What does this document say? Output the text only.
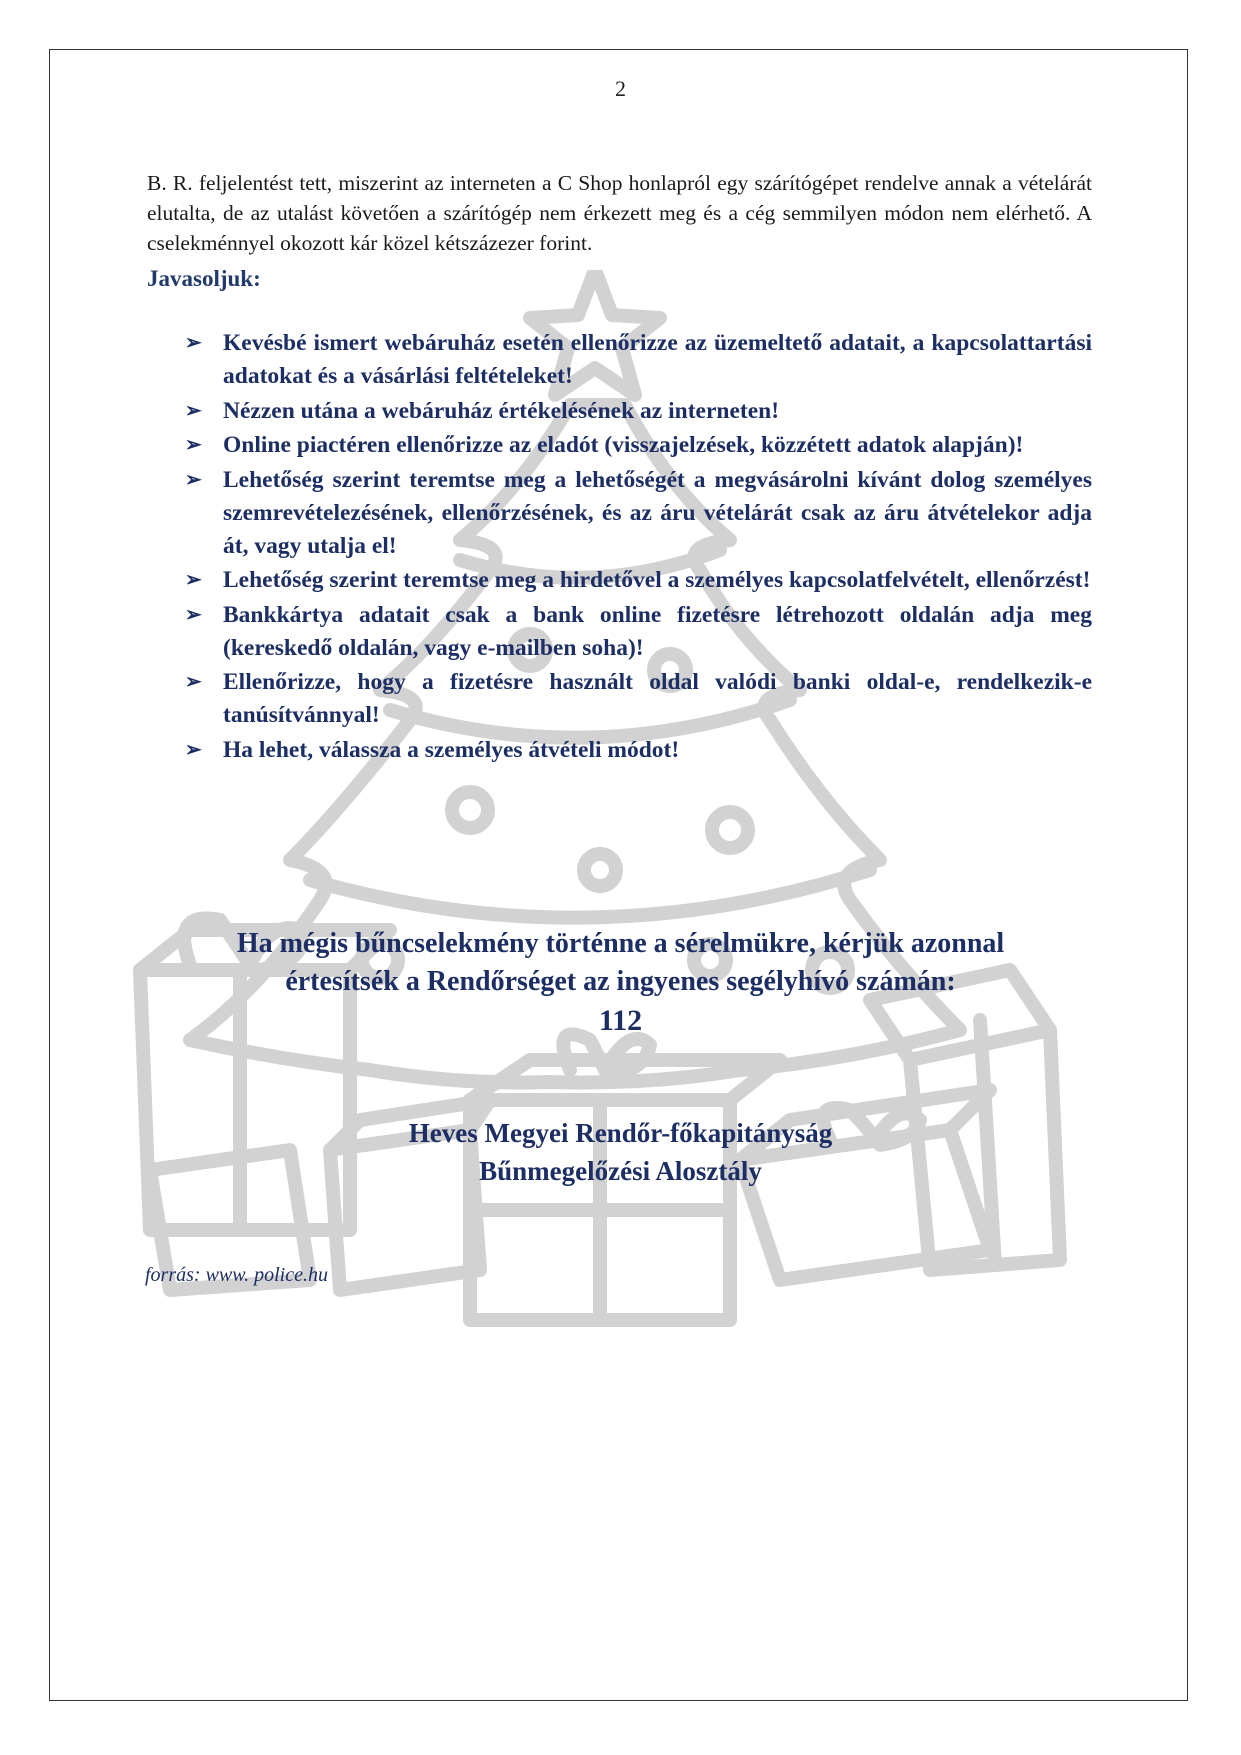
2

B. R. feljelentést tett, miszerint az interneten a C Shop honlapról egy szárítógépet rendelve annak a vételárát elutalta, de az utalást követően a szárítógép nem érkezett meg és a cég semmilyen módon nem elérhető. A cselekménnyel okozott kár közel kétszázezer forint.

Javasoljuk:
➢ Kevésbé ismert webáruház esetén ellenőrizze az üzemeltető adatait, a kapcsolattartási adatokat és a vásárlási feltételeket!
➢ Nézzen utána a webáruház értékelésének az interneten!
➢ Online piactéren ellenőrizze az eladót (visszajelzések, közzétett adatok alapján)!
➢ Lehetőség szerint teremtse meg a lehetőségét a megvásárolni kívánt dolog személyes szemrevételezésének, ellenőrzésének, és az áru vételárát csak az áru átvételekor adja át, vagy utalja el!
➢ Lehetőség szerint teremtse meg a hirdetővel a személyes kapcsolatfelvételt, ellenőrzést!
➢ Bankkártya adatait csak a bank online fizetésre létrehozott oldalán adja meg (kereskedő oldalán, vagy e-mailben soha)!
➢ Ellenőrizze, hogy a fizetésre használt oldal valódi banki oldal-e, rendelkezik-e tanúsítvánnyal!
➢ Ha lehet, válassza a személyes átvételi módot!
Ha mégis bűncselekmény történne a sérelmükre, kérjük azonnal
értesítsék a Rendőrséget az ingyenes segélyhívó számán:
112
Heves Megyei Rendőr-főkapitányság
Bűnmegelőzési Alosztály
forrás: www. police.hu
